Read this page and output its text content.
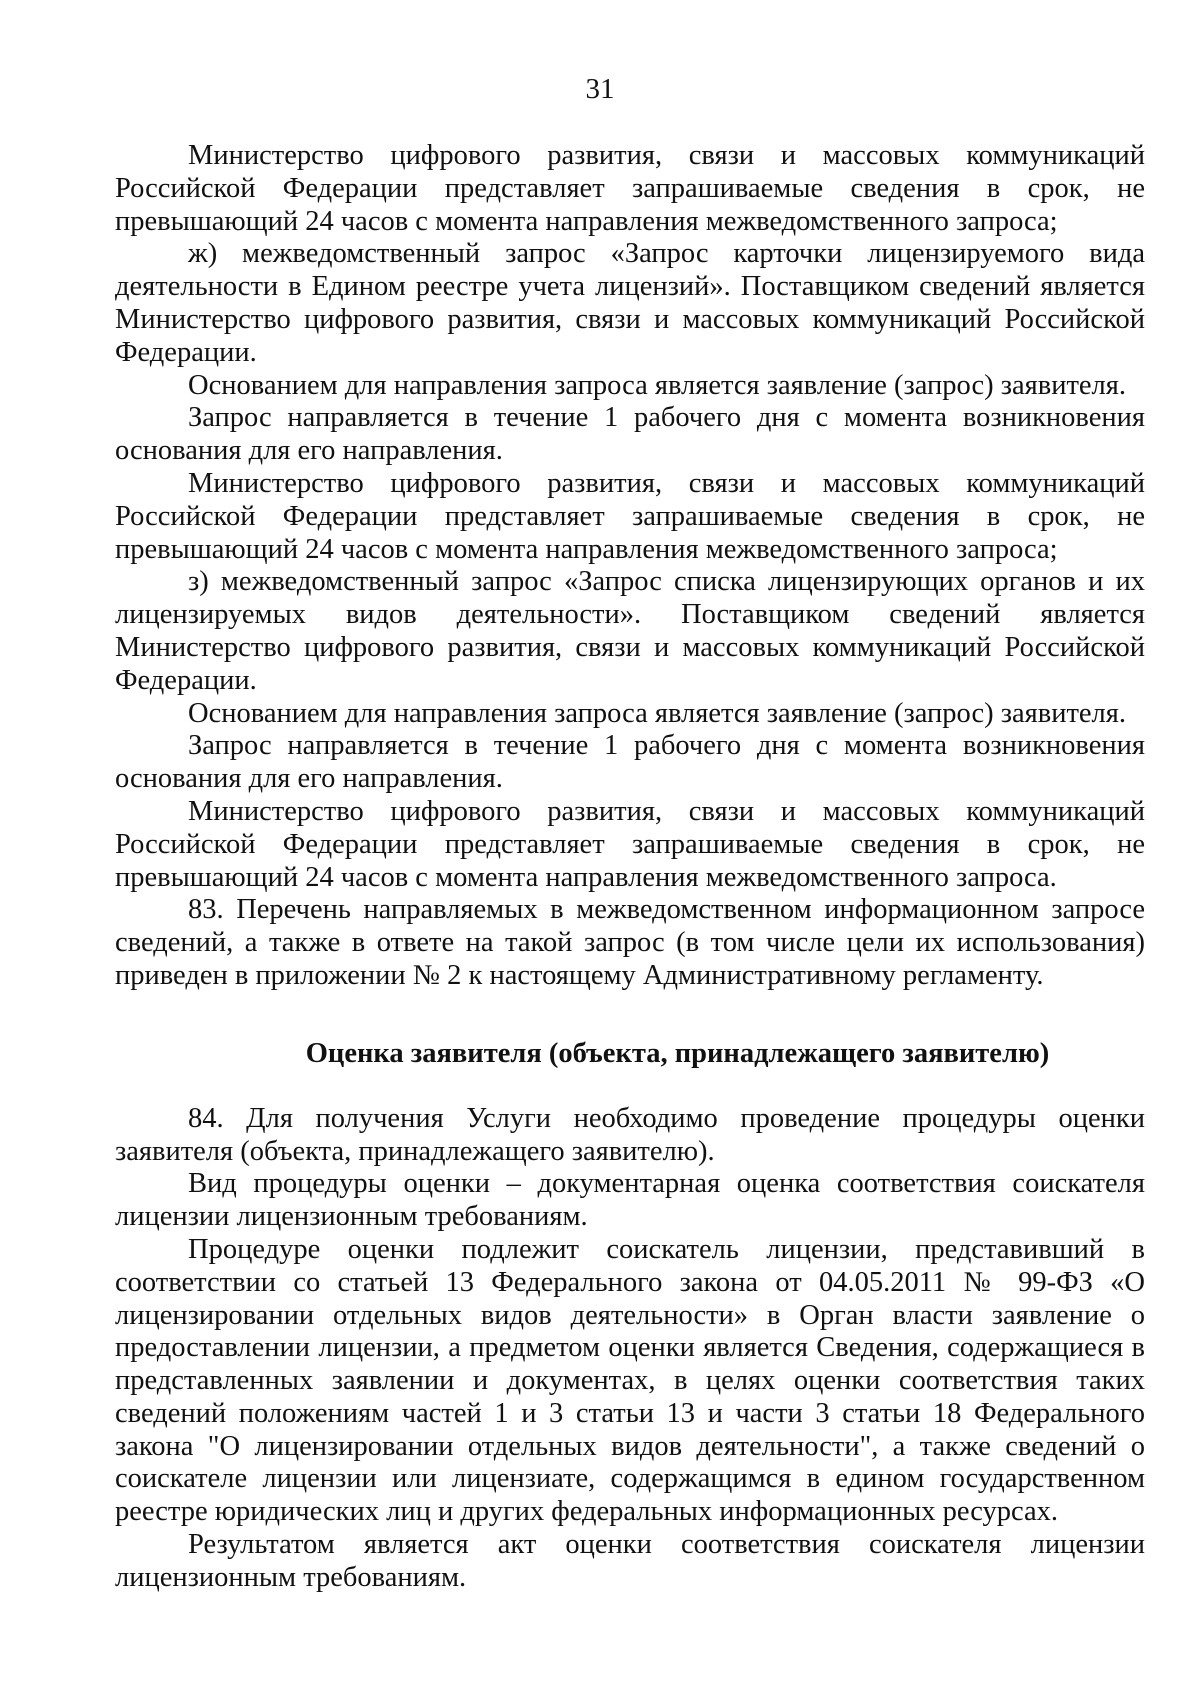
31

Министерство цифрового развития, связи и массовых коммуникаций Российской Федерации представляет запрашиваемые сведения в срок, не превышающий 24 часов с момента направления межведомственного запроса;

ж) межведомственный запрос «Запрос карточки лицензируемого вида деятельности в Едином реестре учета лицензий». Поставщиком сведений является Министерство цифрового развития, связи и массовых коммуникаций Российской Федерации.

Основанием для направления запроса является заявление (запрос) заявителя.

Запрос направляется в течение 1 рабочего дня с момента возникновения основания для его направления.

Министерство цифрового развития, связи и массовых коммуникаций Российской Федерации представляет запрашиваемые сведения в срок, не превышающий 24 часов с момента направления межведомственного запроса;

з) межведомственный запрос «Запрос списка лицензирующих органов и их лицензируемых видов деятельности». Поставщиком сведений является Министерство цифрового развития, связи и массовых коммуникаций Российской Федерации.

Основанием для направления запроса является заявление (запрос) заявителя.

Запрос направляется в течение 1 рабочего дня с момента возникновения основания для его направления.

Министерство цифрового развития, связи и массовых коммуникаций Российской Федерации представляет запрашиваемые сведения в срок, не превышающий 24 часов с момента направления межведомственного запроса.

83. Перечень направляемых в межведомственном информационном запросе сведений, а также в ответе на такой запрос (в том числе цели их использования) приведен в приложении № 2 к настоящему Административному регламенту.

Оценка заявителя (объекта, принадлежащего заявителю)

84. Для получения Услуги необходимо проведение процедуры оценки заявителя (объекта, принадлежащего заявителю).

Вид процедуры оценки – документарная оценка соответствия соискателя лицензии лицензионным требованиям.

Процедуре оценки подлежит соискатель лицензии, представивший в соответствии со статьей 13 Федерального закона от 04.05.2011 № 99-ФЗ «О лицензировании отдельных видов деятельности» в Орган власти заявление о предоставлении лицензии, а предметом оценки является Сведения, содержащиеся в представленных заявлении и документах, в целях оценки соответствия таких сведений положениям частей 1 и 3 статьи 13 и части 3 статьи 18 Федерального закона "О лицензировании отдельных видов деятельности", а также сведений о соискателе лицензии или лицензиате, содержащимся в едином государственном реестре юридических лиц и других федеральных информационных ресурсах.

Результатом является акт оценки соответствия соискателя лицензии лицензионным требованиям.
